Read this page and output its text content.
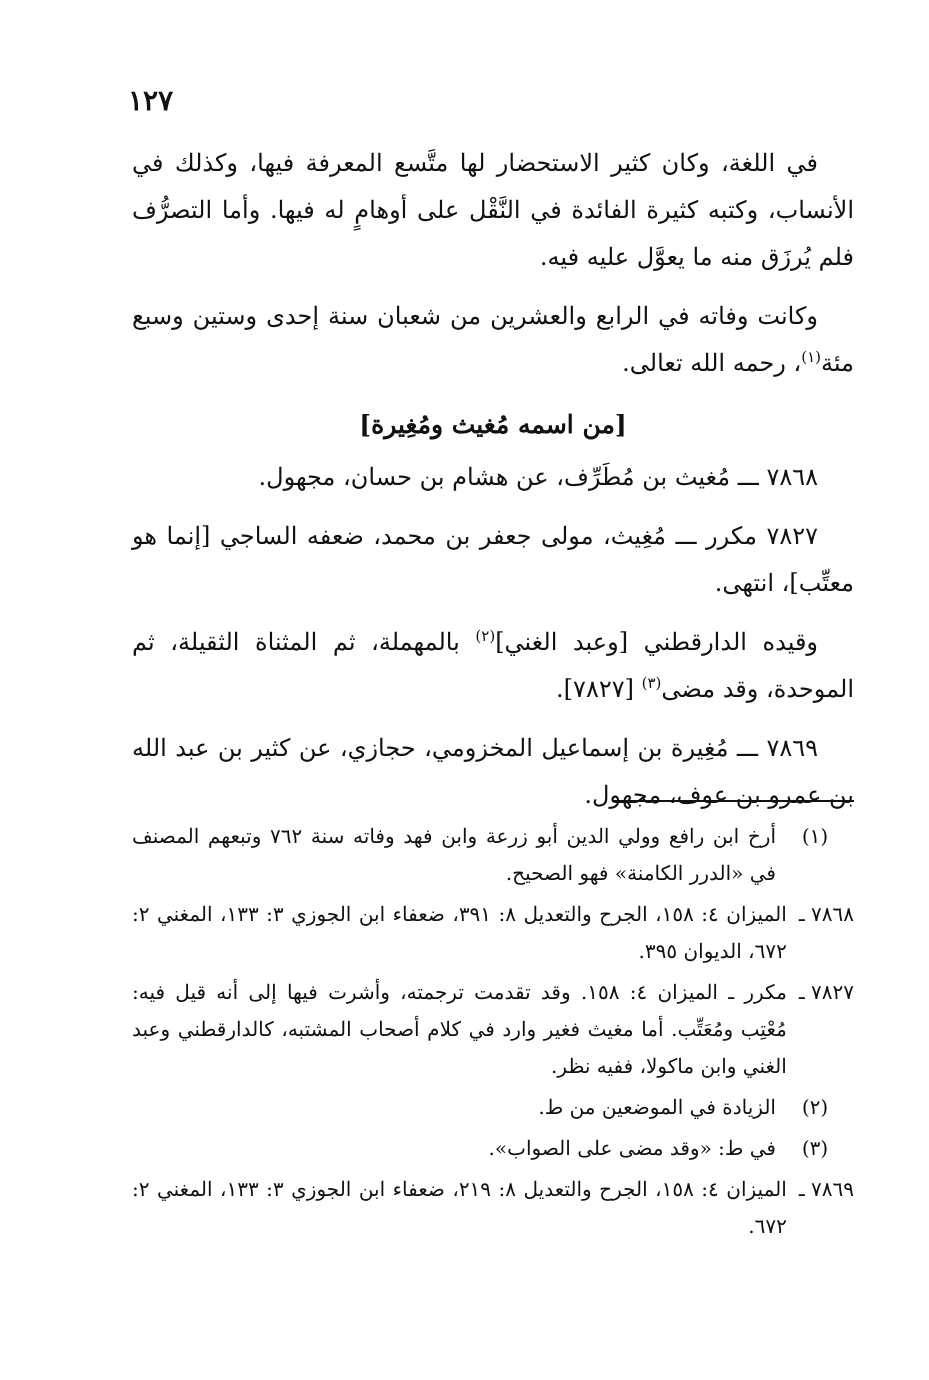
١٢٧

في اللغة، وكان كثير الاستحضار لها متَّسع المعرفة فيها، وكذلك في الأنساب، وكتبه كثيرة الفائدة في النَّقْل على أوهامٍ له فيها. وأما التصرُّف فلم يُرزَق منه ما يعوَّل عليه فيه.

وكانت وفاته في الرابع والعشرين من شعبان سنة إحدى وستين وسبع مئة$^{(١)}$، رحمه الله تعالى.

[من اسمه مُغيث ومُغِيرة]

٧٨٦٨ ـــ مُغيث بن مُطَرِّف، عن هشام بن حسان، مجهول.

٧٨٢٧ مكرر ـــ مُغِيث، مولى جعفر بن محمد، ضعفه الساجي [إنما هو معتِّب]، انتهى.

وقيده الدارقطني [وعبد الغني]$^{(٢)}$ بالمهملة، ثم المثناة الثقيلة، ثم الموحدة، وقد مضى$^{(٣)}$ [٧٨٢٧].

٧٨٦٩ ـــ مُغِيرة بن إسماعيل المخزومي، حجازي، عن كثير بن عبد الله بن عمرو بن عوف، مجهول.

(١)
أرخ ابن رافع وولي الدين أبو زرعة وابن فهد وفاته سنة ٧٦٢ وتبعهم المصنف في «الدرر الكامنة» فهو الصحيح.
٧٨٦٨ ـ
الميزان ٤: ١٥٨، الجرح والتعديل ٨: ٣٩١، ضعفاء ابن الجوزي ٣: ١٣٣، المغني ٢: ٦٧٢، الديوان ٣٩٥.
٧٨٢٧ ـ
مكرر ـ الميزان ٤: ١٥٨. وقد تقدمت ترجمته، وأشرت فيها إلى أنه قيل فيه: مُعْتِب ومُعَتِّب. أما مغيث فغير وارد في كلام أصحاب المشتبه، كالدارقطني وعبد الغني وابن ماكولا، ففيه نظر.
(٢)
الزيادة في الموضعين من ط.
(٣)
في ط: «وقد مضى على الصواب».
٧٨٦٩ ـ
الميزان ٤: ١٥٨، الجرح والتعديل ٨: ٢١٩، ضعفاء ابن الجوزي ٣: ١٣٣، المغني ٢: ٦٧٢.
